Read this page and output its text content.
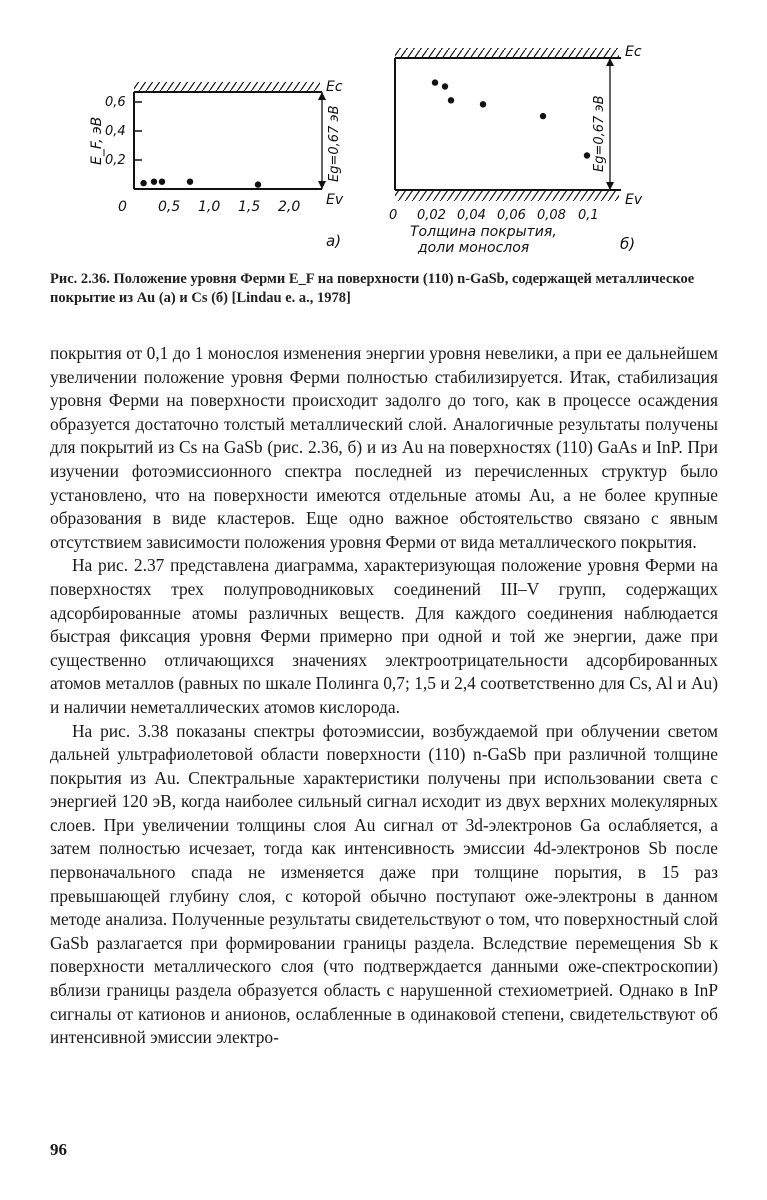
Ec
Ev
Eg=0,67 эВ
E_F, эВ
0,6
0,4
0,2
0 0,5 1,0 1,5 2,0
a)
Ec
Ev
Eg=0,67 эВ
0 0,02 0,04 0,06 0,08 0,1
Толщина покрытия,
доли монослоя	б)
Рис. 2.36. Положение уровня Ферми E_F на поверхности (110) n-GaSb, содержащей металлическое покрытие из Au (a) и Cs (б) [Lindau e. a., 1978]

покрытия от 0,1 до 1 монослоя изменения энергии уровня невелики, а при ее дальнейшем увеличении положение уровня Ферми полностью стабилизируется. Итак, стабилизация уровня Ферми на поверхности происходит задолго до того, как в процессе осаждения образуется достаточно толстый металлический слой. Аналогичные результаты получены для покрытий из Cs на GaSb (рис. 2.36, б) и из Au на поверхностях (110) GaAs и InP. При изучении фотоэмиссионного спектра последней из перечисленных структур было установлено, что на поверхности имеются отдельные атомы Au, а не более крупные образования в виде кластеров. Еще одно важное обстоятельство связано с явным отсутствием зависимости положения уровня Ферми от вида металлического покрытия.

На рис. 2.37 представлена диаграмма, характеризующая положение уровня Ферми на поверхностях трех полупроводниковых соединений III–V групп, содержащих адсорбированные атомы различных веществ. Для каждого соединения наблюдается быстрая фиксация уровня Ферми примерно при одной и той же энергии, даже при существенно отличающихся значениях электроотрицательности адсорбированных атомов металлов (равных по шкале Полинга 0,7; 1,5 и 2,4 соответственно для Cs, Al и Au) и наличии неметаллических атомов кислорода.

На рис. 3.38 показаны спектры фотоэмиссии, возбуждаемой при облучении светом дальней ультрафиолетовой области поверхности (110) n-GaSb при различной толщине покрытия из Au. Спектральные характеристики получены при использовании света с энергией 120 эВ, когда наиболее сильный сигнал исходит из двух верхних молекулярных слоев. При увеличении толщины слоя Au сигнал от 3d-электронов Ga ослабляется, а затем полностью исчезает, тогда как интенсивность эмиссии 4d-электронов Sb после первоначального спада не изменяется даже при толщине порытия, в 15 раз превышающей глубину слоя, с которой обычно поступают оже-электроны в данном методе анализа. Полученные результаты свидетельствуют о том, что поверхностный слой GaSb разлагается при формировании границы раздела. Вследствие перемещения Sb к поверхности металлического слоя (что подтверждается данными оже-спектроскопии) вблизи границы раздела образуется область с нарушенной стехиометрией. Однако в InP сигналы от катионов и анионов, ослабленные в одинаковой степени, свидетельствуют об интенсивной эмиссии электро-

96
